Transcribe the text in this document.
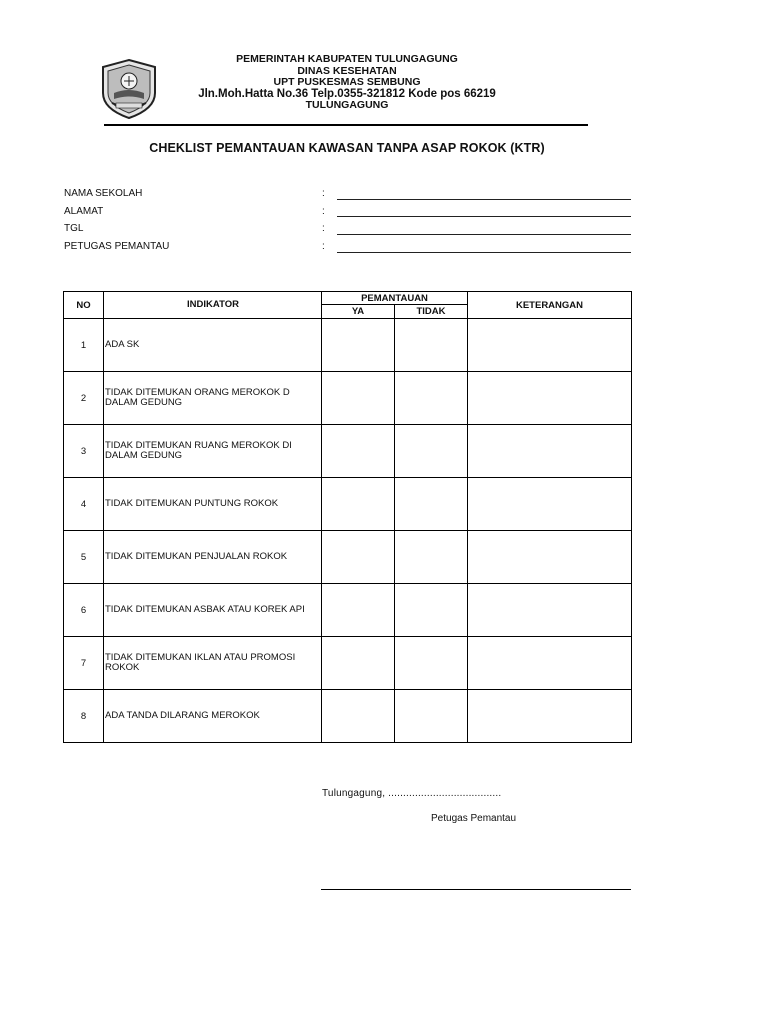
PEMERINTAH KABUPATEN TULUNGAGUNG
DINAS KESEHATAN
UPT PUSKESMAS SEMBUNG
Jln.Moh.Hatta No.36 Telp.0355-321812 Kode pos 66219
TULUNGAGUNG
CHEKLIST PEMANTAUAN KAWASAN TANPA ASAP ROKOK (KTR)
NAMA SEKOLAH	:
ALAMAT	:
TGL	:
PETUGAS PEMANTAU	:
NO	INDIKATOR	PEMANTAUAN		KETERANGAN
		YA	TIDAK	
1	ADA SK			
2	TIDAK DITEMUKAN ORANG MEROKOK D DALAM GEDUNG			
3	TIDAK DITEMUKAN RUANG MEROKOK DI DALAM GEDUNG			
4	TIDAK DITEMUKAN PUNTUNG ROKOK			
5	TIDAK DITEMUKAN PENJUALAN ROKOK			
6	TIDAK DITEMUKAN ASBAK ATAU KOREK API			
7	TIDAK DITEMUKAN IKLAN ATAU PROMOSI ROKOK			
8	ADA TANDA DILARANG MEROKOK			
Tulungagung, ......................................
Petugas Pemantau
